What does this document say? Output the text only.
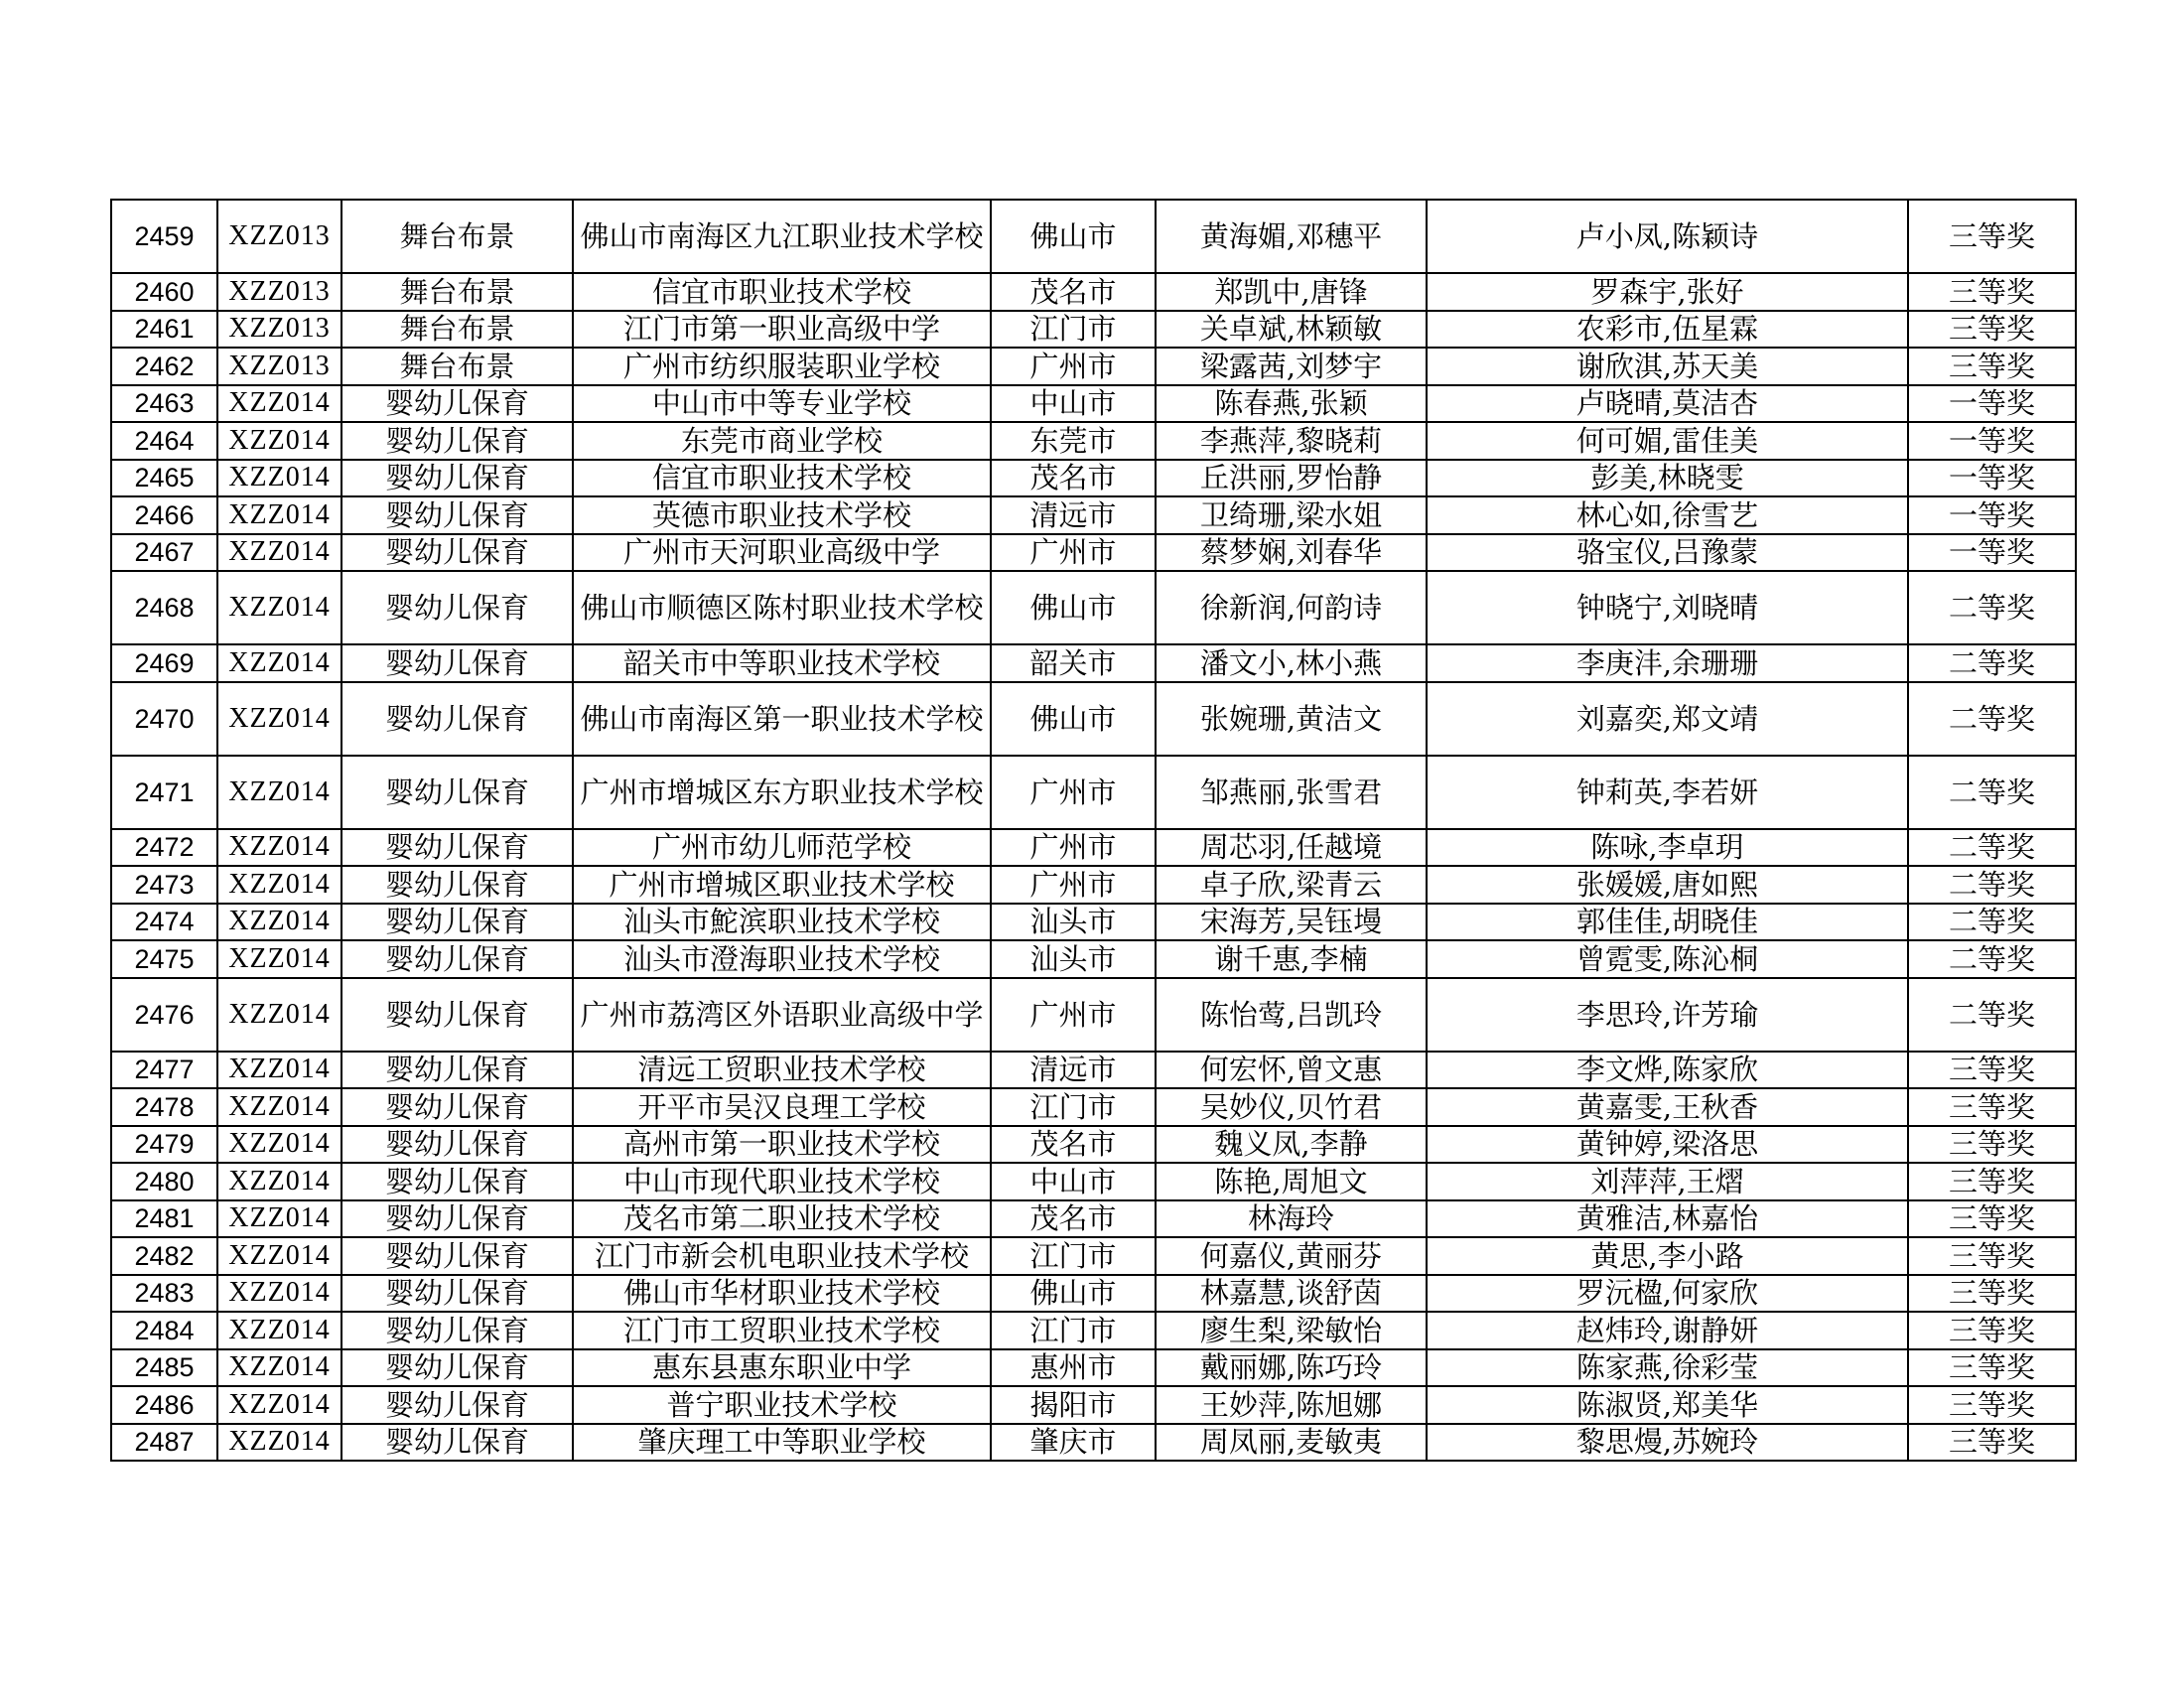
2459	XZZ013	舞台布景	佛山市南海区九江职业技术学校	佛山市	黄海媚,邓穗平	卢小凤,陈颖诗	三等奖
2460	XZZ013	舞台布景	信宜市职业技术学校	茂名市	郑凯中,唐锋	罗森宇,张好	三等奖
2461	XZZ013	舞台布景	江门市第一职业高级中学	江门市	关卓斌,林颖敏	农彩市,伍星霖	三等奖
2462	XZZ013	舞台布景	广州市纺织服装职业学校	广州市	梁露茜,刘梦宇	谢欣淇,苏天美	三等奖
2463	XZZ014	婴幼儿保育	中山市中等专业学校	中山市	陈春燕,张颖	卢晓晴,莫洁杏	一等奖
2464	XZZ014	婴幼儿保育	东莞市商业学校	东莞市	李燕萍,黎晓莉	何可媚,雷佳美	一等奖
2465	XZZ014	婴幼儿保育	信宜市职业技术学校	茂名市	丘洪丽,罗怡静	彭美,林晓雯	一等奖
2466	XZZ014	婴幼儿保育	英德市职业技术学校	清远市	卫绮珊,梁水姐	林心如,徐雪艺	一等奖
2467	XZZ014	婴幼儿保育	广州市天河职业高级中学	广州市	蔡梦娴,刘春华	骆宝仪,吕豫蒙	一等奖
2468	XZZ014	婴幼儿保育	佛山市顺德区陈村职业技术学校	佛山市	徐新润,何韵诗	钟晓宁,刘晓晴	二等奖
2469	XZZ014	婴幼儿保育	韶关市中等职业技术学校	韶关市	潘文小,林小燕	李庚沣,余珊珊	二等奖
2470	XZZ014	婴幼儿保育	佛山市南海区第一职业技术学校	佛山市	张婉珊,黄洁文	刘嘉奕,郑文靖	二等奖
2471	XZZ014	婴幼儿保育	广州市增城区东方职业技术学校	广州市	邹燕丽,张雪君	钟莉英,李若妍	二等奖
2472	XZZ014	婴幼儿保育	广州市幼儿师范学校	广州市	周芯羽,任越境	陈咏,李卓玥	二等奖
2473	XZZ014	婴幼儿保育	广州市增城区职业技术学校	广州市	卓子欣,梁青云	张媛媛,唐如熙	二等奖
2474	XZZ014	婴幼儿保育	汕头市鮀滨职业技术学校	汕头市	宋海芳,吴钰墁	郭佳佳,胡晓佳	二等奖
2475	XZZ014	婴幼儿保育	汕头市澄海职业技术学校	汕头市	谢千惠,李楠	曾霓雯,陈沁桐	二等奖
2476	XZZ014	婴幼儿保育	广州市荔湾区外语职业高级中学	广州市	陈怡莺,吕凯玲	李思玲,许芳瑜	二等奖
2477	XZZ014	婴幼儿保育	清远工贸职业技术学校	清远市	何宏怀,曾文惠	李文烨,陈家欣	三等奖
2478	XZZ014	婴幼儿保育	开平市吴汉良理工学校	江门市	吴妙仪,贝竹君	黄嘉雯,王秋香	三等奖
2479	XZZ014	婴幼儿保育	高州市第一职业技术学校	茂名市	魏义凤,李静	黄钟婷,梁洛思	三等奖
2480	XZZ014	婴幼儿保育	中山市现代职业技术学校	中山市	陈艳,周旭文	刘萍萍,王熠	三等奖
2481	XZZ014	婴幼儿保育	茂名市第二职业技术学校	茂名市	林海玲	黄雅洁,林嘉怡	三等奖
2482	XZZ014	婴幼儿保育	江门市新会机电职业技术学校	江门市	何嘉仪,黄丽芬	黄思,李小路	三等奖
2483	XZZ014	婴幼儿保育	佛山市华材职业技术学校	佛山市	林嘉慧,谈舒茵	罗沅楹,何家欣	三等奖
2484	XZZ014	婴幼儿保育	江门市工贸职业技术学校	江门市	廖生梨,梁敏怡	赵炜玲,谢静妍	三等奖
2485	XZZ014	婴幼儿保育	惠东县惠东职业中学	惠州市	戴丽娜,陈巧玲	陈家燕,徐彩莹	三等奖
2486	XZZ014	婴幼儿保育	普宁职业技术学校	揭阳市	王妙萍,陈旭娜	陈淑贤,郑美华	三等奖
2487	XZZ014	婴幼儿保育	肇庆理工中等职业学校	肇庆市	周凤丽,麦敏夷	黎思熳,苏婉玲	三等奖
